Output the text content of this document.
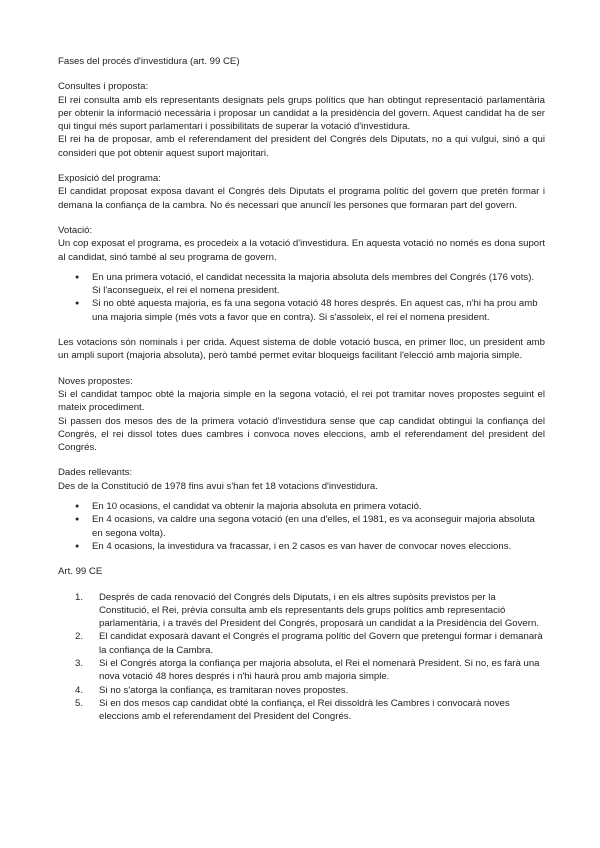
Fases del procés d'investidura (art. 99 CE)

Consultes i proposta:

El rei consulta amb els representants designats pels grups polítics que han obtingut representació parlamentària per obtenir la informació necessària i proposar un candidat a la presidència del govern. Aquest candidat ha de ser qui tingui més suport parlamentari i possibilitats de superar la votació d'investidura.

El rei ha de proposar, amb el referendament del president del Congrés dels Diputats, no a qui vulgui, sinó a qui consideri que pot obtenir aquest suport majoritari.

Exposició del programa:

El candidat proposat exposa davant el Congrés dels Diputats el programa polític del govern que pretén formar i demana la confiança de la cambra. No és necessari que anunciï les persones que formaran part del govern.

Votació:

Un cop exposat el programa, es procedeix a la votació d'investidura. En aquesta votació no només es dona suport al candidat, sinó també al seu programa de govern.

● En una primera votació, el candidat necessita la majoria absoluta dels membres del Congrés (176 vots). Si l'aconsegueix, el rei el nomena president.
● Si no obté aquesta majoria, es fa una segona votació 48 hores després. En aquest cas, n'hi ha prou amb una majoria simple (més vots a favor que en contra). Si s'assoleix, el rei el nomena president.

Les votacions són nominals i per crida. Aquest sistema de doble votació busca, en primer lloc, un president amb un ampli suport (majoria absoluta), però també permet evitar bloqueigs facilitant l'elecció amb majoria simple.

Noves propostes:

Si el candidat tampoc obté la majoria simple en la segona votació, el rei pot tramitar noves propostes seguint el mateix procediment.

Si passen dos mesos des de la primera votació d'investidura sense que cap candidat obtingui la confiança del Congrés, el rei dissol totes dues cambres i convoca noves eleccions, amb el referendament del president del Congrés.

Dades rellevants:

Des de la Constitució de 1978 fins avui s'han fet 18 votacions d'investidura.

● En 10 ocasions, el candidat va obtenir la majoria absoluta en primera votació.
● En 4 ocasions, va caldre una segona votació (en una d'elles, el 1981, es va aconseguir majoria absoluta en segona volta).
● En 4 ocasions, la investidura va fracassar, i en 2 casos es van haver de convocar noves eleccions.

Art. 99 CE

1. Després de cada renovació del Congrés dels Diputats, i en els altres supòsits previstos per la Constitució, el Rei, prèvia consulta amb els representants dels grups polítics amb representació parlamentària, i a través del President del Congrés, proposarà un candidat a la Presidència del Govern.
2. El candidat exposarà davant el Congrés el programa polític del Govern que pretengui formar i demanarà la confiança de la Cambra.
3. Si el Congrés atorga la confiança per majoria absoluta, el Rei el nomenarà President. Si no, es farà una nova votació 48 hores després i n'hi haurà prou amb majoria simple.
4. Si no s'atorga la confiança, es tramitaran noves propostes.
5. Si en dos mesos cap candidat obté la confiança, el Rei dissoldrà les Cambres i convocarà noves eleccions amb el referendament del President del Congrés.
